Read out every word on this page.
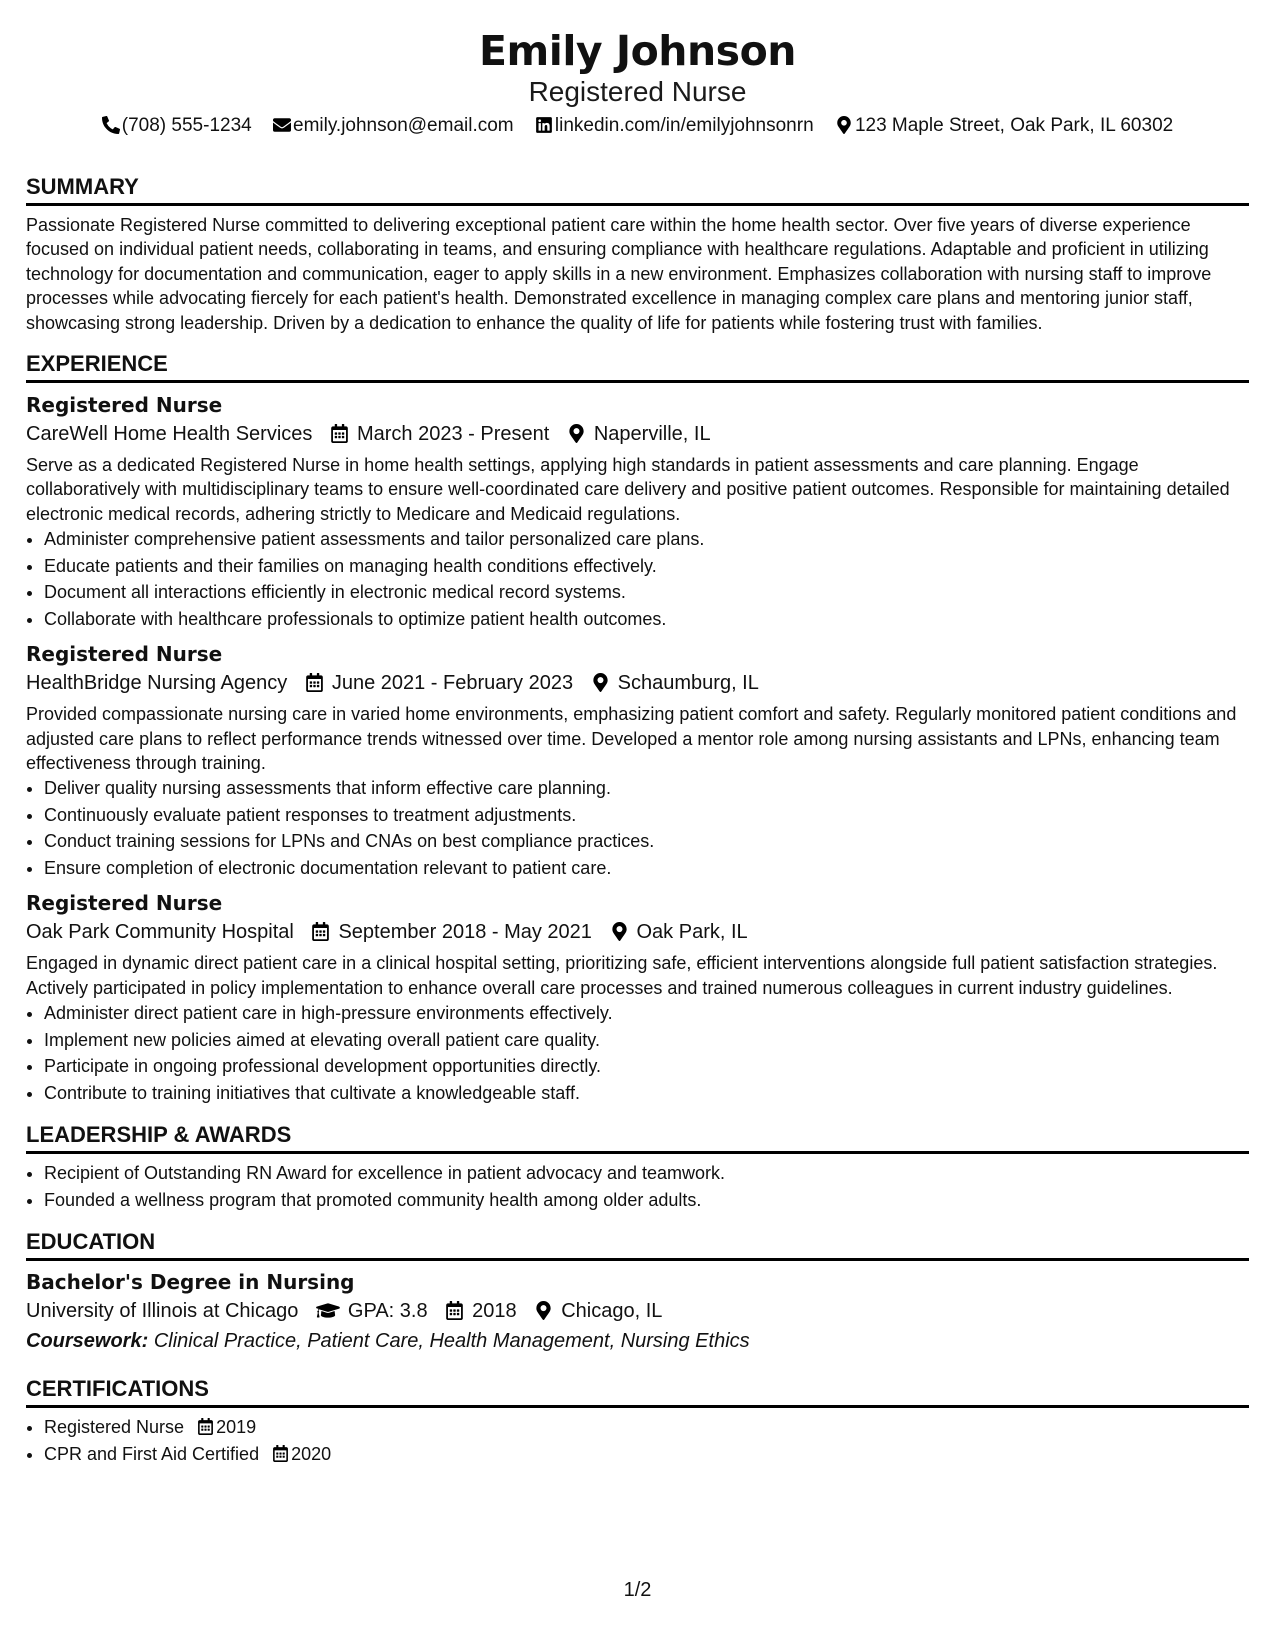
Emily Johnson
Registered Nurse
(708) 555-1234 emily.johnson@email.com linkedin.com/in/emilyjohnsonrn 123 Maple Street, Oak Park, IL 60302
SUMMARY
Passionate Registered Nurse committed to delivering exceptional patient care within the home health sector. Over five years of diverse experience focused on individual patient needs, collaborating in teams, and ensuring compliance with healthcare regulations. Adaptable and proficient in utilizing technology for documentation and communication, eager to apply skills in a new environment. Emphasizes collaboration with nursing staff to improve processes while advocating fiercely for each patient's health. Demonstrated excellence in managing complex care plans and mentoring junior staff, showcasing strong leadership. Driven by a dedication to enhance the quality of life for patients while fostering trust with families.
EXPERIENCE
Registered Nurse
CareWell Home Health Services March 2023 - Present Naperville, IL
Serve as a dedicated Registered Nurse in home health settings, applying high standards in patient assessments and care planning. Engage collaboratively with multidisciplinary teams to ensure well-coordinated care delivery and positive patient outcomes. Responsible for maintaining detailed electronic medical records, adhering strictly to Medicare and Medicaid regulations.
• Administer comprehensive patient assessments and tailor personalized care plans.
• Educate patients and their families on managing health conditions effectively.
• Document all interactions efficiently in electronic medical record systems.
• Collaborate with healthcare professionals to optimize patient health outcomes.
Registered Nurse
HealthBridge Nursing Agency June 2021 - February 2023 Schaumburg, IL
Provided compassionate nursing care in varied home environments, emphasizing patient comfort and safety. Regularly monitored patient conditions and adjusted care plans to reflect performance trends witnessed over time. Developed a mentor role among nursing assistants and LPNs, enhancing team effectiveness through training.
• Deliver quality nursing assessments that inform effective care planning.
• Continuously evaluate patient responses to treatment adjustments.
• Conduct training sessions for LPNs and CNAs on best compliance practices.
• Ensure completion of electronic documentation relevant to patient care.
Registered Nurse
Oak Park Community Hospital September 2018 - May 2021 Oak Park, IL
Engaged in dynamic direct patient care in a clinical hospital setting, prioritizing safe, efficient interventions alongside full patient satisfaction strategies. Actively participated in policy implementation to enhance overall care processes and trained numerous colleagues in current industry guidelines.
• Administer direct patient care in high-pressure environments effectively.
• Implement new policies aimed at elevating overall patient care quality.
• Participate in ongoing professional development opportunities directly.
• Contribute to training initiatives that cultivate a knowledgeable staff.
LEADERSHIP & AWARDS
• Recipient of Outstanding RN Award for excellence in patient advocacy and teamwork.
• Founded a wellness program that promoted community health among older adults.
EDUCATION
Bachelor's Degree in Nursing
University of Illinois at Chicago GPA: 3.8 2018 Chicago, IL
Coursework: Clinical Practice, Patient Care, Health Management, Nursing Ethics
CERTIFICATIONS
• Registered Nurse 2019
• CPR and First Aid Certified 2020
1/2
